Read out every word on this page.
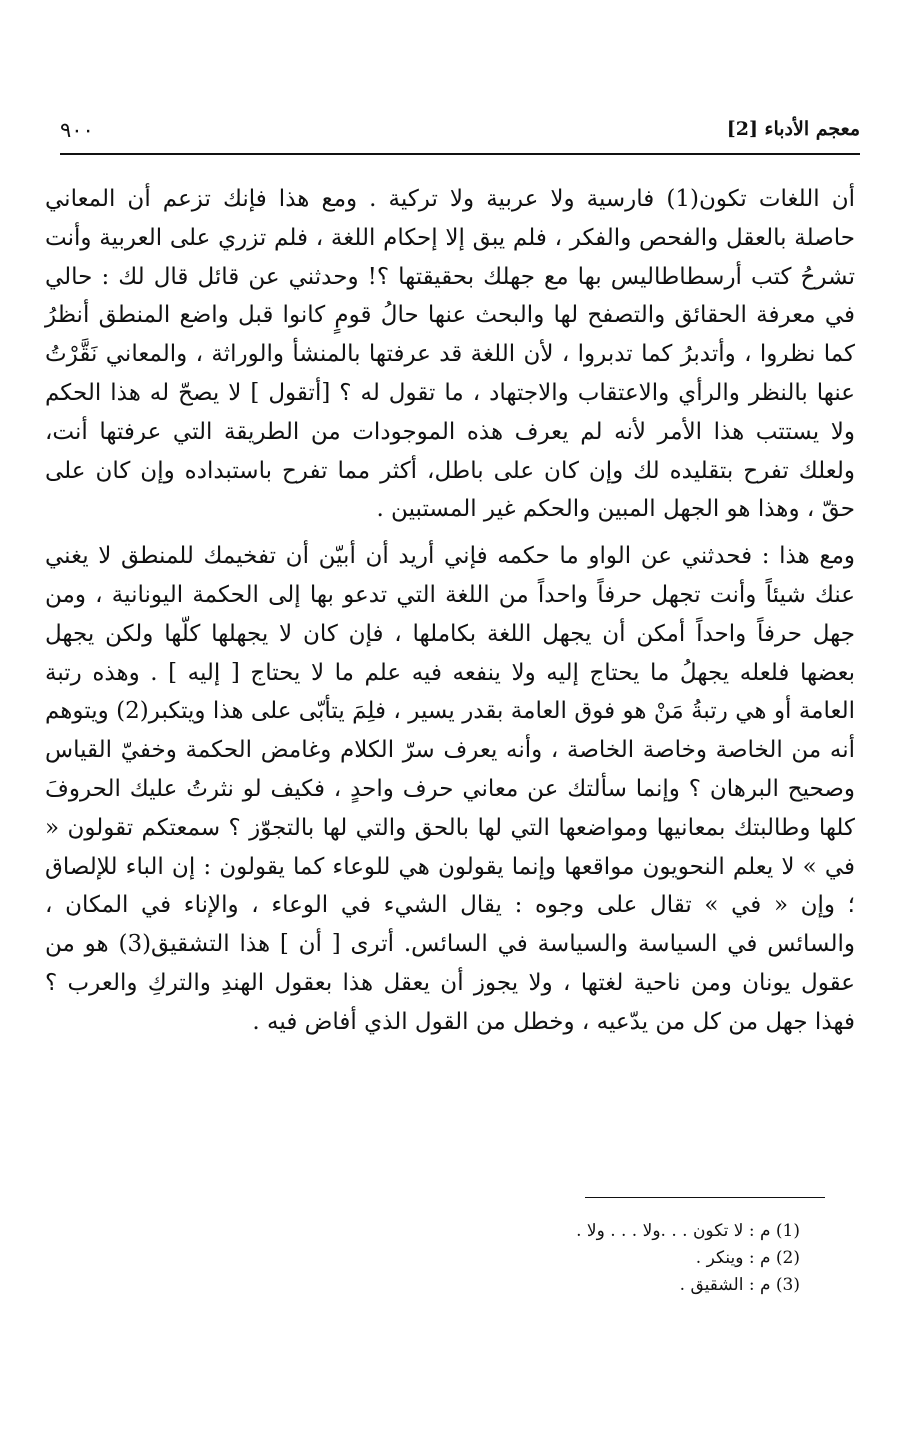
معجم الأدباء [2]
٩٠٠

أن اللغات تكون(1) فارسية ولا عربية ولا تركية . ومع هذا فإنك تزعم أن المعاني حاصلة بالعقل والفحص والفكر ، فلم يبق إلا إحكام اللغة ، فلم تزري على العربية وأنت تشرحُ كتب أرسطاطاليس بها مع جهلك بحقيقتها ؟! وحدثني عن قائل قال لك : حالي في معرفة الحقائق والتصفح لها والبحث عنها حالُ قومٍ كانوا قبل واضع المنطق أنظرُ كما نظروا ، وأتدبرُ كما تدبروا ، لأن اللغة قد عرفتها بالمنشأ والوراثة ، والمعاني نَقَّرْتُ عنها بالنظر والرأي والاعتقاب والاجتهاد ، ما تقول له ؟ [أتقول ] لا يصحّ له هذا الحكم ولا يستتب هذا الأمر لأنه لم يعرف هذه الموجودات من الطريقة التي عرفتها أنت، ولعلك تفرح بتقليده لك وإن كان على باطل، أكثر مما تفرح باستبداده وإن كان على حقّ ، وهذا هو الجهل المبين والحكم غير المستبين .

ومع هذا : فحدثني عن الواو ما حكمه فإني أريد أن أبيّن أن تفخيمك للمنطق لا يغني عنك شيئاً وأنت تجهل حرفاً واحداً من اللغة التي تدعو بها إلى الحكمة اليونانية ، ومن جهل حرفاً واحداً أمكن أن يجهل اللغة بكاملها ، فإن كان لا يجهلها كلّها ولكن يجهل بعضها فلعله يجهلُ ما يحتاج إليه ولا ينفعه فيه علم ما لا يحتاج [ إليه ] . وهذه رتبة العامة أو هي رتبةُ مَنْ هو فوق العامة بقدر يسير ، فلِمَ يتأبّى على هذا ويتكبر(2) ويتوهم أنه من الخاصة وخاصة الخاصة ، وأنه يعرف سرّ الكلام وغامض الحكمة وخفيّ القياس وصحيح البرهان ؟ وإنما سألتك عن معاني حرف واحدٍ ، فكيف لو نثرتُ عليك الحروفَ كلها وطالبتك بمعانيها ومواضعها التي لها بالحق والتي لها بالتجوّز ؟ سمعتكم تقولون « في » لا يعلم النحويون مواقعها وإنما يقولون هي للوعاء كما يقولون : إن الباء للإلصاق ؛ وإن « في » تقال على وجوه : يقال الشيء في الوعاء ، والإناء في المكان ، والسائس في السياسة والسياسة في السائس. أترى [ أن ] هذا التشقيق(3) هو من عقول يونان ومن ناحية لغتها ، ولا يجوز أن يعقل هذا بعقول الهندِ والتركِ والعرب ؟ فهذا جهل من كل من يدّعيه ، وخطل من القول الذي أفاض فيه .

(1) م : لا تكون . . .ولا . . . ولا .
(2) م : وينكر .
(3) م : الشقيق .
